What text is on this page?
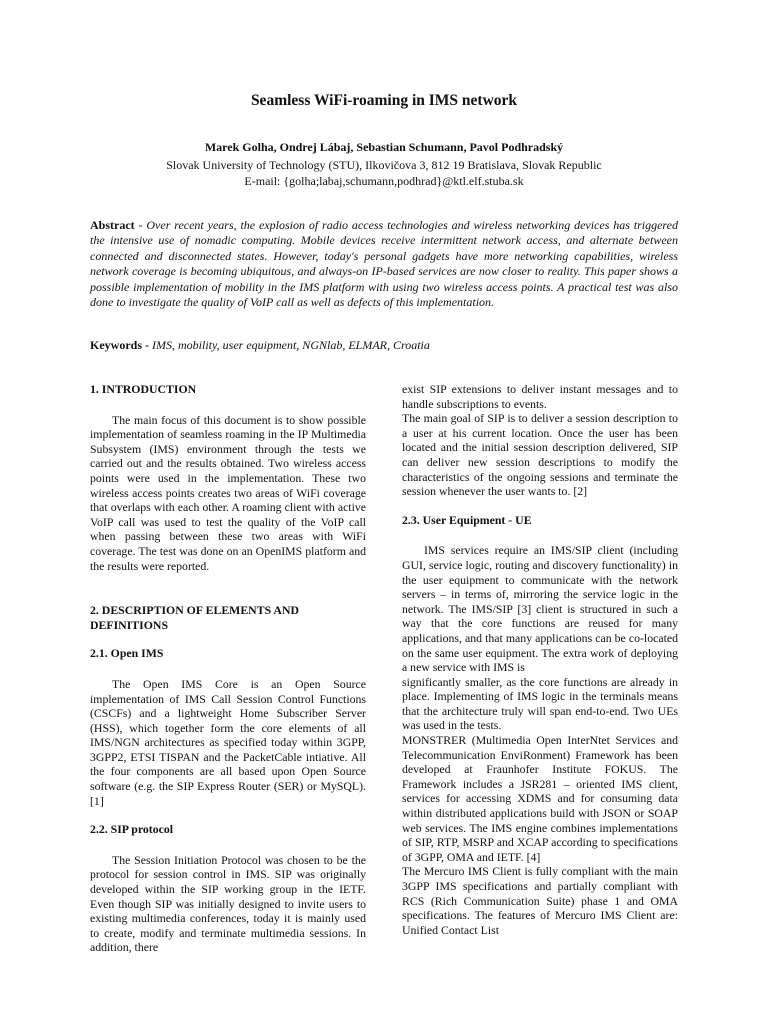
Seamless WiFi-roaming in IMS network
Marek Golha, Ondrej Lábaj, Sebastian Schumann, Pavol Podhradský
Slovak University of Technology (STU), Ilkovičova 3, 812 19 Bratislava, Slovak Republic
E-mail: {golha;labaj,schumann,podhrad}@ktl.elf.stuba.sk
Abstract - Over recent years, the explosion of radio access technologies and wireless networking devices has triggered the intensive use of nomadic computing. Mobile devices receive intermittent network access, and alternate between connected and disconnected states. However, today's personal gadgets have more networking capabilities, wireless network coverage is becoming ubiquitous, and always-on IP-based services are now closer to reality. This paper shows a possible implementation of mobility in the IMS platform with using two wireless access points. A practical test was also done to investigate the quality of VoIP call as well as defects of this implementation.
Keywords - IMS, mobility, user equipment, NGNlab, ELMAR, Croatia
1. INTRODUCTION

The main focus of this document is to show possible implementation of seamless roaming in the IP Multimedia Subsystem (IMS) environment through the tests we carried out and the results obtained. Two wireless access points were used in the implementation. These two wireless access points creates two areas of WiFi coverage that overlaps with each other. A roaming client with active VoIP call was used to test the quality of the VoIP call when passing between these two areas with WiFi coverage. The test was done on an OpenIMS platform and the results were reported.

2. DESCRIPTION OF ELEMENTS AND DEFINITIONS
2.1. Open IMS

The Open IMS Core is an Open Source implementation of IMS Call Session Control Functions (CSCFs) and a lightweight Home Subscriber Server (HSS), which together form the core elements of all IMS/NGN architectures as specified today within 3GPP, 3GPP2, ETSI TISPAN and the PacketCable intiative. All the four components are all based upon Open Source software (e.g. the SIP Express Router (SER) or MySQL). [1]

2.2. SIP protocol

The Session Initiation Protocol was chosen to be the protocol for session control in IMS. SIP was originally developed within the SIP working group in the IETF. Even though SIP was initially designed to invite users to existing multimedia conferences, today it is mainly used to create, modify and terminate multimedia sessions. In addition, there

exist SIP extensions to deliver instant messages and to handle subscriptions to events.

The main goal of SIP is to deliver a session description to a user at his current location. Once the user has been located and the initial session description delivered, SIP can deliver new session descriptions to modify the characteristics of the ongoing sessions and terminate the session whenever the user wants to. [2]

2.3. User Equipment - UE

IMS services require an IMS/SIP client (including GUI, service logic, routing and discovery functionality) in the user equipment to communicate with the network servers – in terms of, mirroring the service logic in the network. The IMS/SIP [3] client is structured in such a way that the core functions are reused for many applications, and that many applications can be co-located on the same user equipment. The extra work of deploying a new service with IMS is

significantly smaller, as the core functions are already in place. Implementing of IMS logic in the terminals means that the architecture truly will span end-to-end. Two UEs was used in the tests.

MONSTRER (Multimedia Open InterNtet Services and Telecommunication EnviRonment) Framework has been developed at Fraunhofer Institute FOKUS. The Framework includes a JSR281 – oriented IMS client, services for accessing XDMS and for consuming data within distributed applications build with JSON or SOAP web services. The IMS engine combines implementations of SIP, RTP, MSRP and XCAP according to specifications of 3GPP, OMA and IETF. [4]

The Mercuro IMS Client is fully compliant with the main 3GPP IMS specifications and partially compliant with RCS (Rich Communication Suite) phase 1 and OMA specifications. The features of Mercuro IMS Client are: Unified Contact List
